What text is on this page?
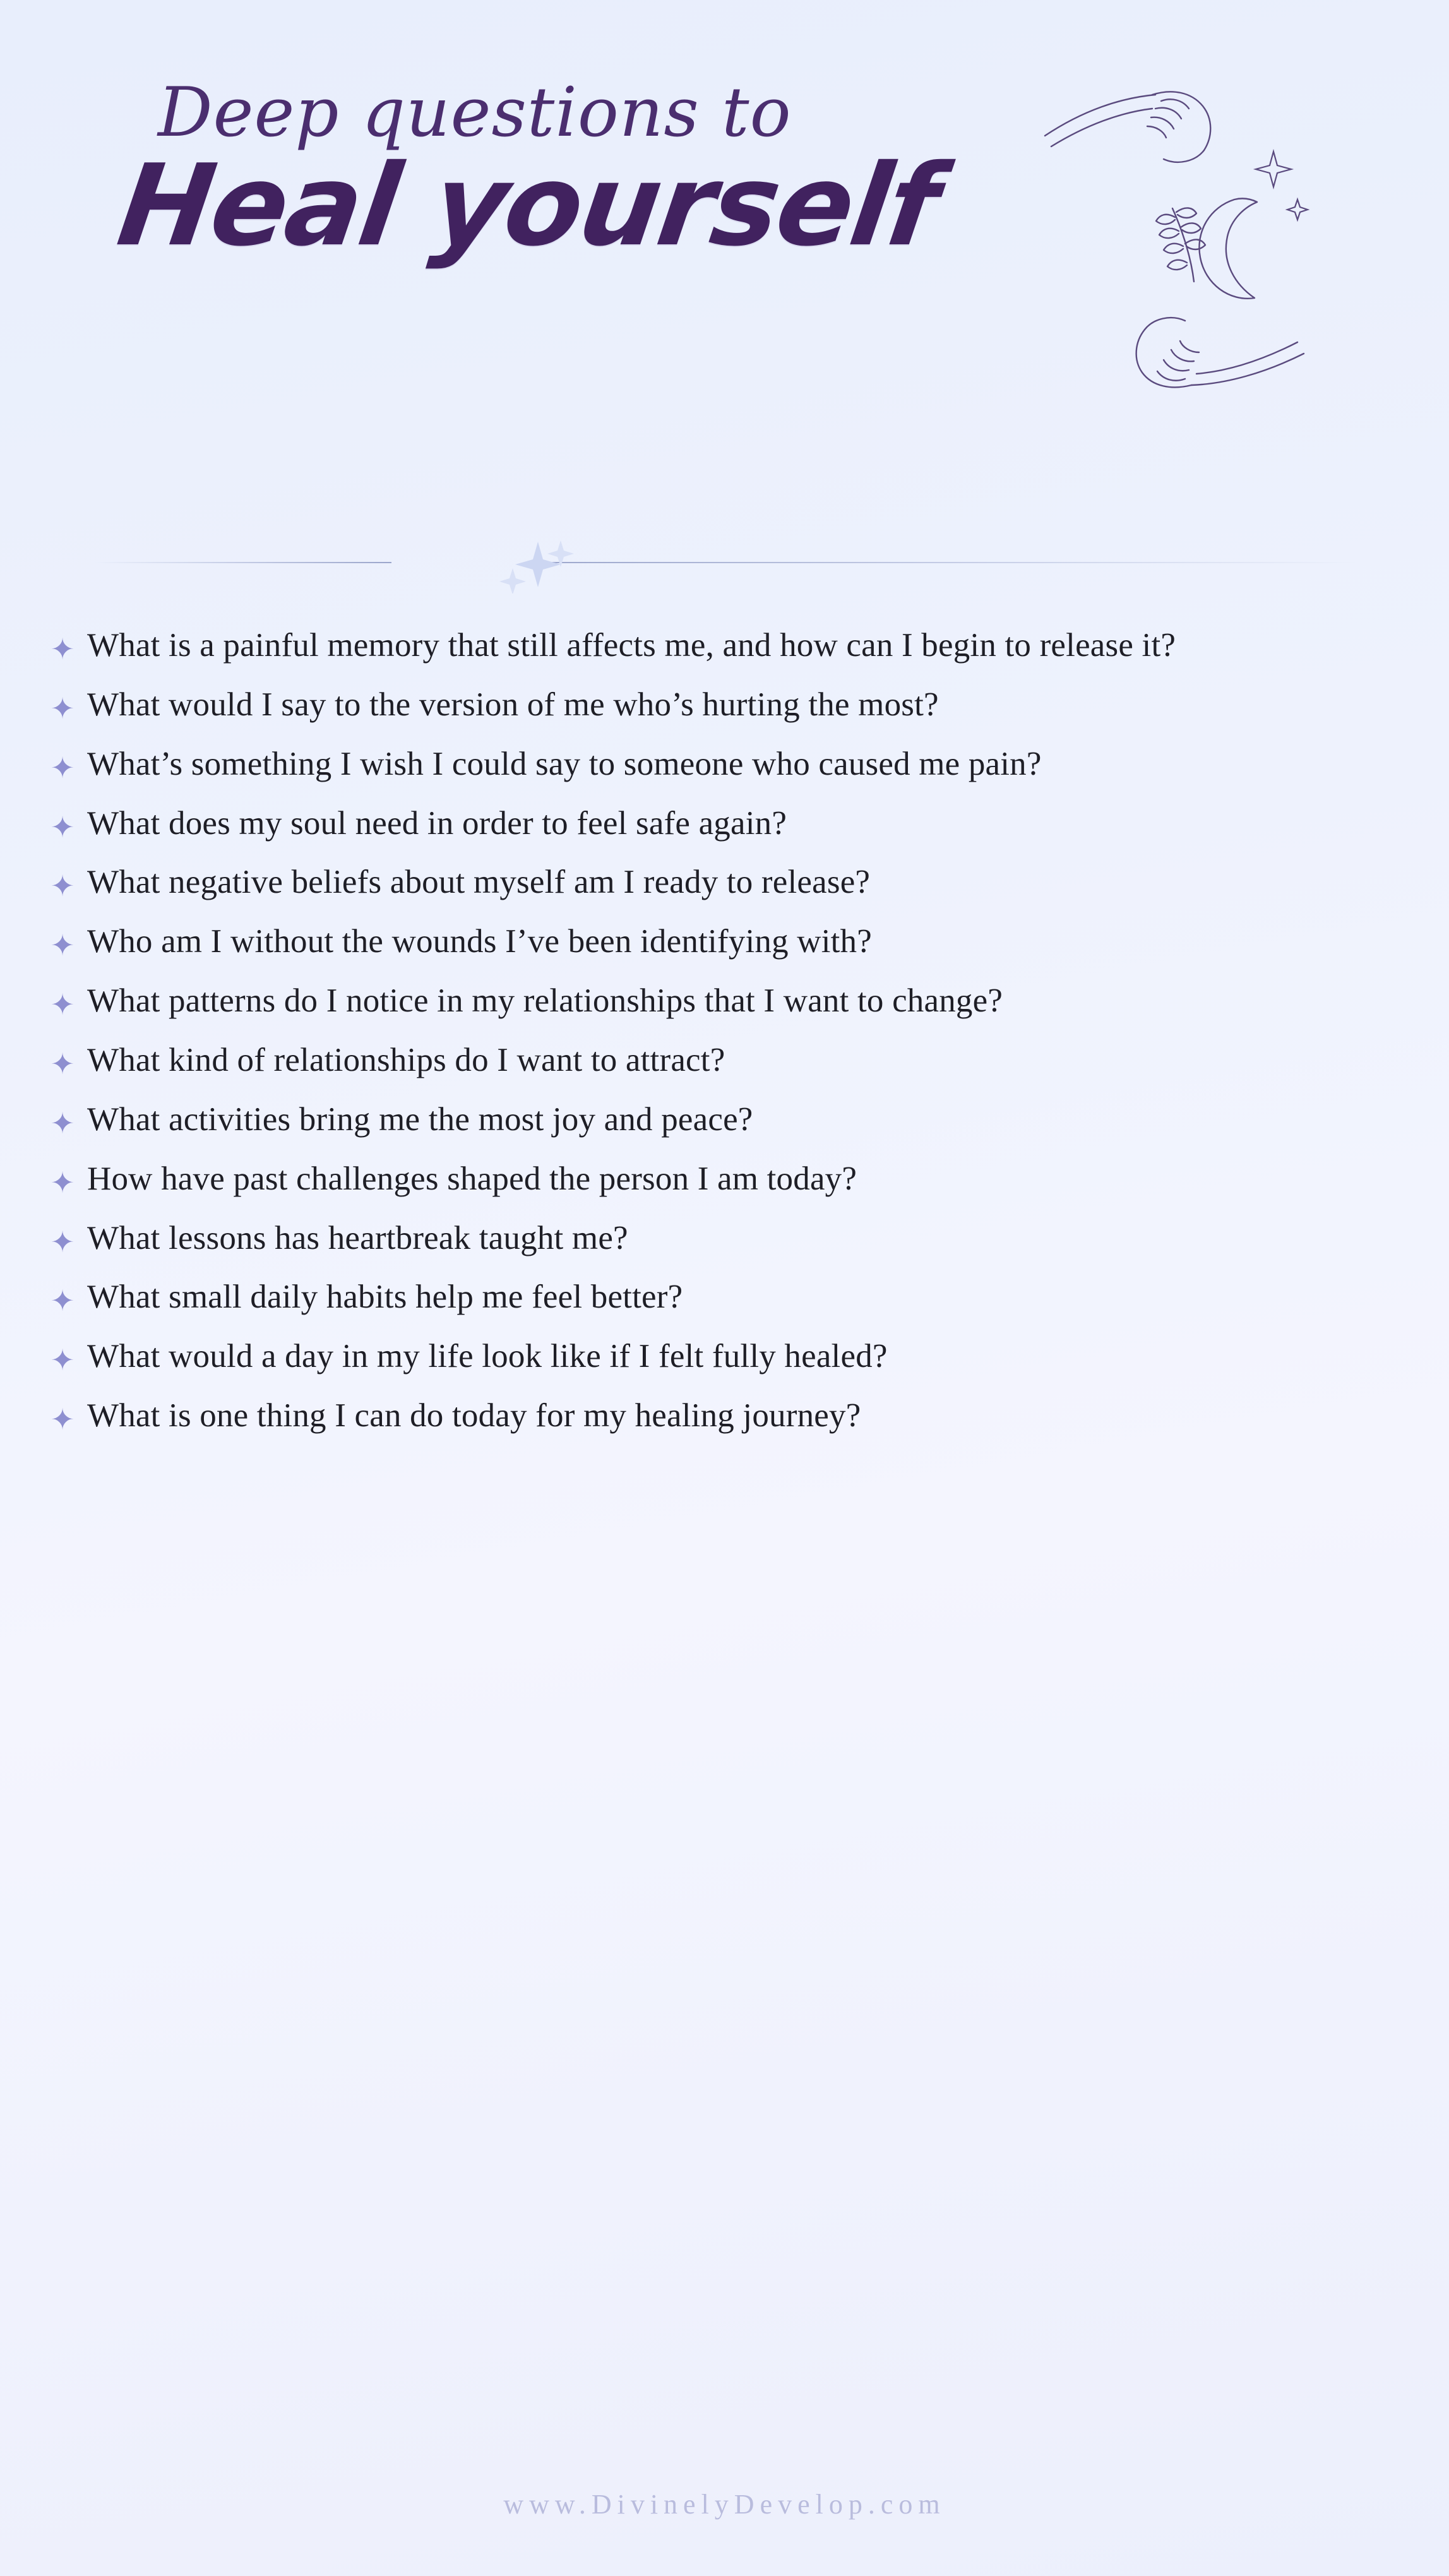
Deep questions to
Heal yourself
✦ What is a painful memory that still affects me, and how can I begin to release it?
✦ What would I say to the version of me who’s hurting the most?
✦ What’s something I wish I could say to someone who caused me pain?
✦ What does my soul need in order to feel safe again?
✦ What negative beliefs about myself am I ready to release?
✦ Who am I without the wounds I’ve been identifying with?
✦ What patterns do I notice in my relationships that I want to change?
✦ What kind of relationships do I want to attract?
✦ What activities bring me the most joy and peace?
✦ How have past challenges shaped the person I am today?
✦ What lessons has heartbreak taught me?
✦ What small daily habits help me feel better?
✦ What would a day in my life look like if I felt fully healed?
✦ What is one thing I can do today for my healing journey?
www.DivinelyDevelop.com
